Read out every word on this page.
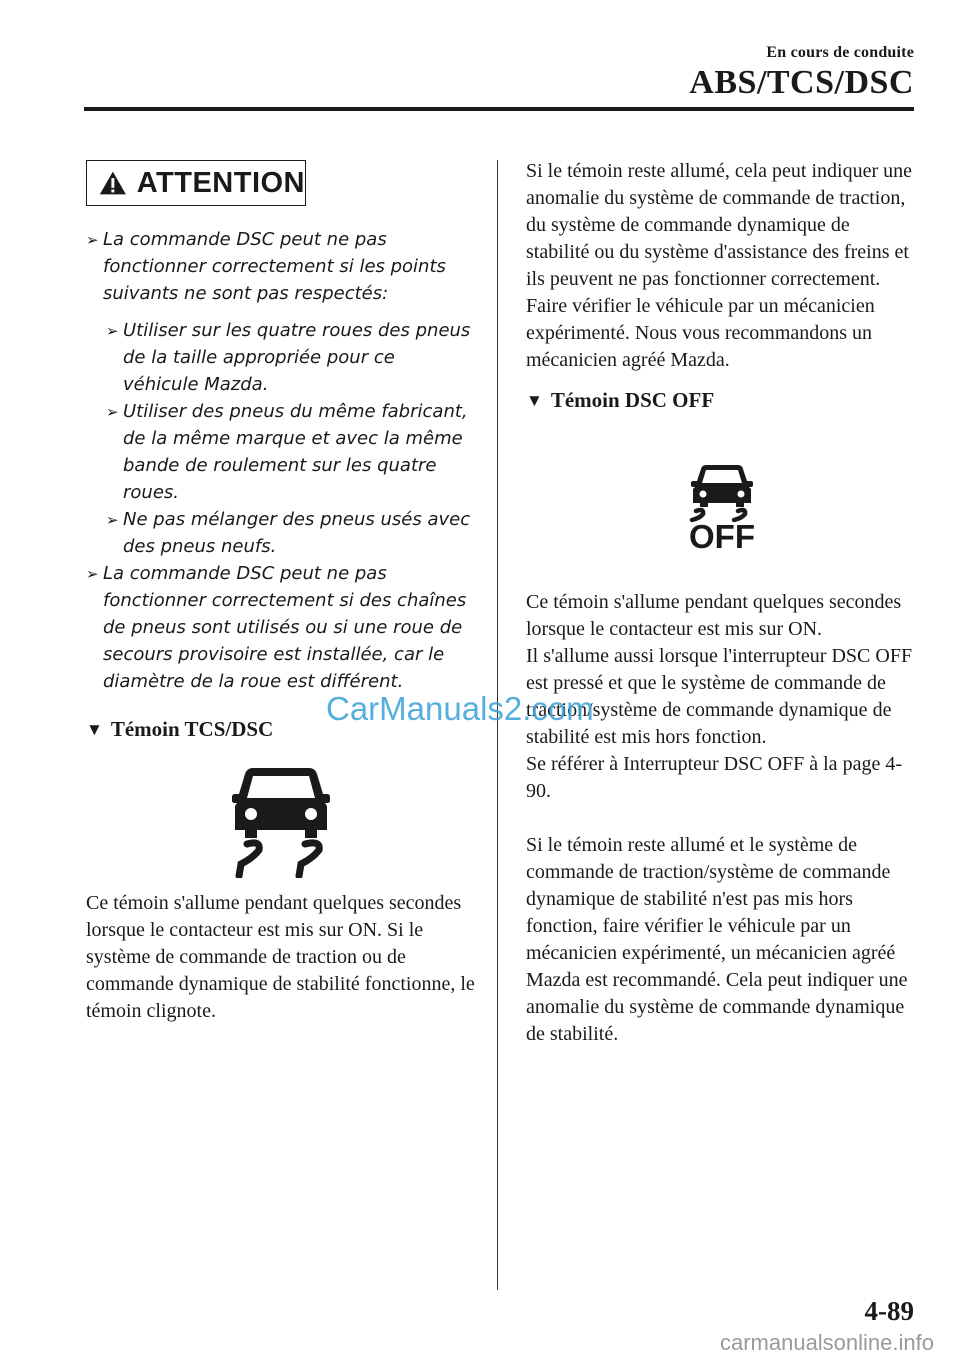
En cours de conduite
ABS/TCS/DSC
ATTENTION
➢ La commande DSC peut ne pas fonctionner correctement si les points suivants ne sont pas respectés:
➢ Utiliser sur les quatre roues des pneus de la taille appropriée pour ce véhicule Mazda.
➢ Utiliser des pneus du même fabricant, de la même marque et avec la même bande de roulement sur les quatre roues.
➢ Ne pas mélanger des pneus usés avec des pneus neufs.
➢ La commande DSC peut ne pas fonctionner correctement si des chaînes de pneus sont utilisés ou si une roue de secours provisoire est installée, car le diamètre de la roue est différent.
▼ Témoin TCS/DSC
Ce témoin s'allume pendant quelques secondes lorsque le contacteur est mis sur ON. Si le système de commande de traction ou de commande dynamique de stabilité fonctionne, le témoin clignote.
Si le témoin reste allumé, cela peut indiquer une anomalie du système de commande de traction, du système de commande dynamique de stabilité ou du système d'assistance des freins et ils peuvent ne pas fonctionner correctement. Faire vérifier le véhicule par un mécanicien expérimenté. Nous vous recommandons un mécanicien agréé Mazda.
▼ Témoin DSC OFF
OFF
Ce témoin s'allume pendant quelques secondes lorsque le contacteur est mis sur ON.
Il s'allume aussi lorsque l'interrupteur DSC OFF est pressé et que le système de commande de traction/système de commande dynamique de stabilité est mis hors fonction.
Se référer à Interrupteur DSC OFF à la page 4-90.
Si le témoin reste allumé et le système de commande de traction/système de commande dynamique de stabilité n'est pas mis hors fonction, faire vérifier le véhicule par un mécanicien expérimenté, un mécanicien agréé Mazda est recommandé. Cela peut indiquer une anomalie du système de commande dynamique de stabilité.
CarManuals2.com
4-89
carmanualsonline.info
